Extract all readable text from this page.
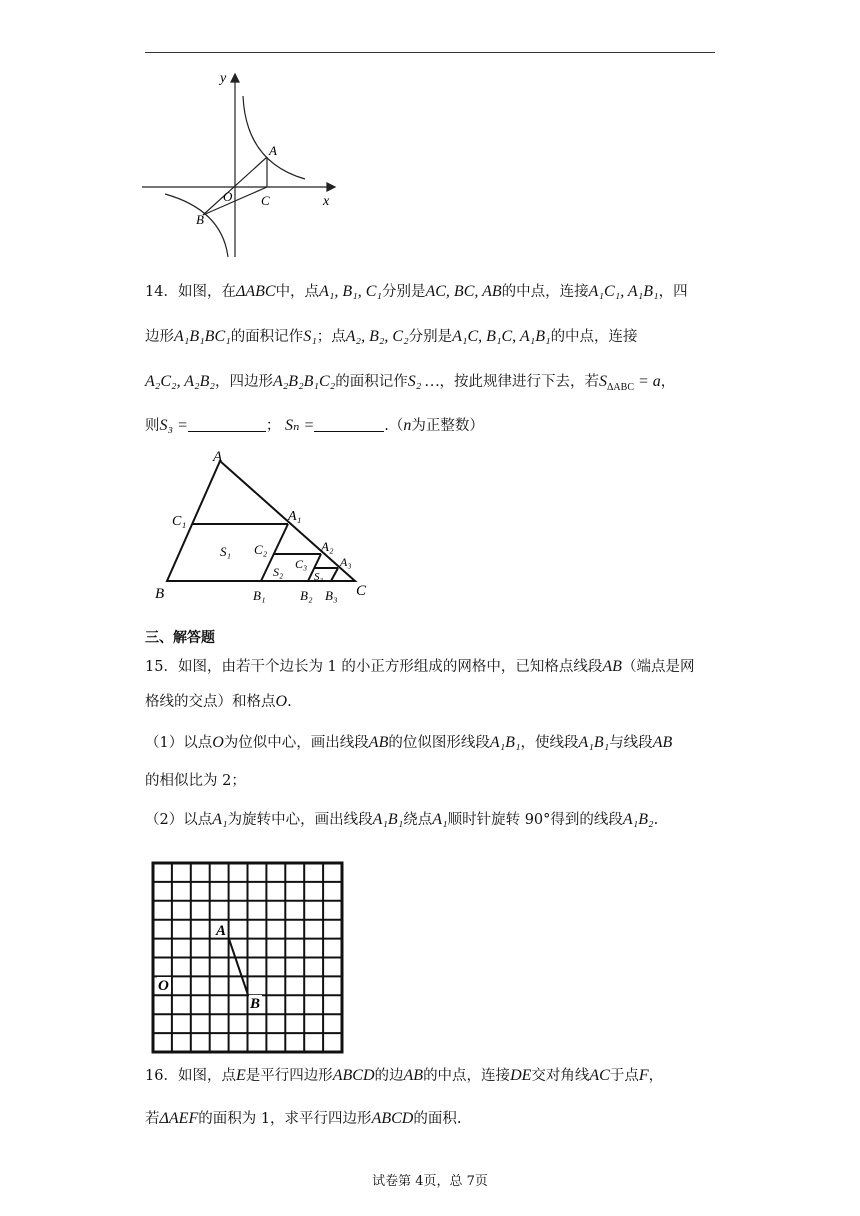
y
x
A
O C
B
14．如图，在ΔABC中，点A₁, B₁, C₁分别是AC, BC, AB的中点，连接A₁C₁, A₁B₁，四
边形A₁B₁BC₁的面积记作S₁；点A₂, B₂, C₂分别是A₁C, B₁C, A₁B₁的中点，连接
A₂C₂, A₂B₂，四边形A₂B₂B₁C₂的面积记作S₂ …，按此规律进行下去，若$S_{\Delta ABC} = a$，
则S₃ =	； Sₙ =	.（n为正整数）
A
C₁	A₁
S₁ C₂	A₂
C₃	A₃
S₂	S₃
B	B₁	B₂ B₃ C
三、解答题
15．如图，由若干个边长为 1 的小正方形组成的网格中，已知格点线段AB（端点是网
格线的交点）和格点O.
（1）以点O为位似中心，画出线段AB的位似图形线段A₁B₁，使线段A₁B₁与线段AB
的相似比为 2；
（2）以点A₁为旋转中心，画出线段A₁B₁绕点A₁顺时针旋转 90°得到的线段A₁B₂.
A
B
O
16．如图，点E是平行四边形ABCD的边AB的中点，连接DE交对角线AC于点F，
若ΔAEF的面积为 1，求平行四边形ABCD的面积.
试卷第 4页，总 7页
